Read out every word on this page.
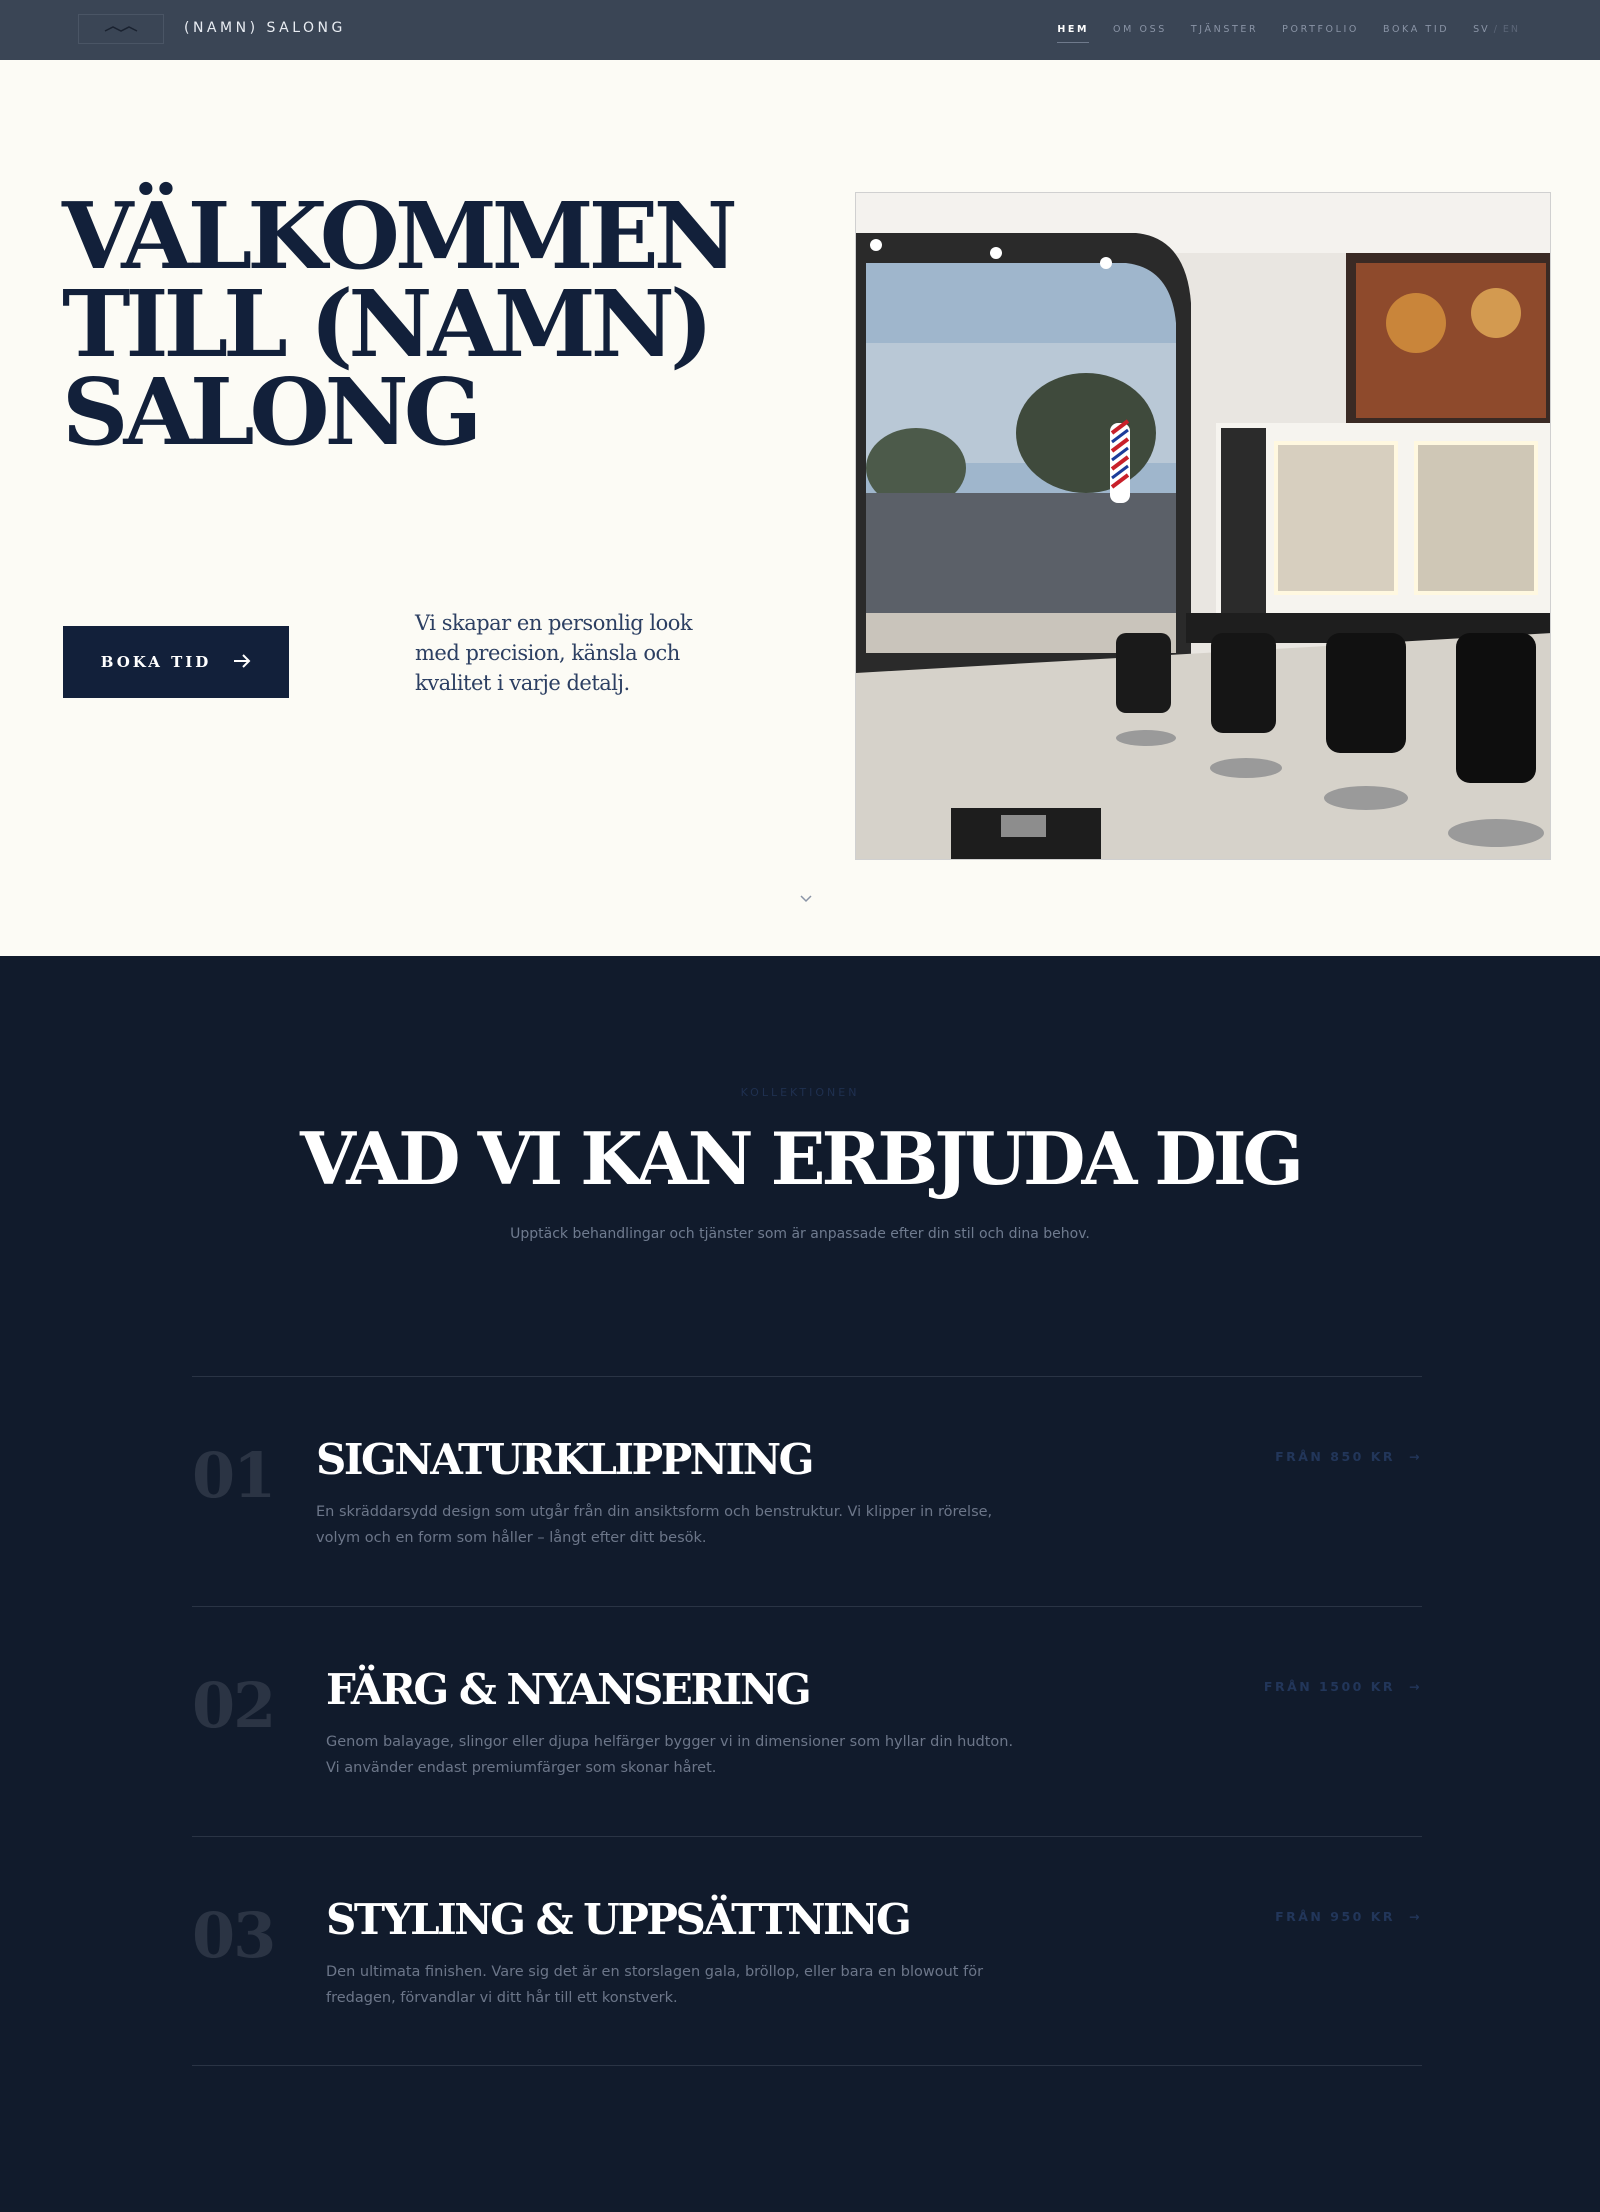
(NAMN) SALONG	HEM	OM OSS	TJÄNSTER	PORTFOLIO	BOKA TID	SV / EN
VÄLKOMMEN TILL (NAMN) SALONG
BOKA TID

Vi skapar en personlig look med precision, känsla och kvalitet i varje detalj.

KOLLEKTIONEN
VAD VI KAN ERBJUDA DIG

Upptäck behandlingar och tjänster som är anpassade efter din stil och dina behov.

01 SIGNATURKLIPPNING
En skräddarsydd design som utgår från din ansiktsform och benstruktur. Vi klipper in rörelse, volym och en form som håller – långt efter ditt besök.
FRÅN 850 KR →
02 FÄRG & NYANSERING
Genom balayage, slingor eller djupa helfärger bygger vi in dimensioner som hyllar din hudton. Vi använder endast premiumfärger som skonar håret.
FRÅN 1500 KR →
03 STYLING & UPPSÄTTNING
Den ultimata finishen. Vare sig det är en storslagen gala, bröllop, eller bara en blowout för fredagen, förvandlar vi ditt hår till ett konstverk.
FRÅN 950 KR →
